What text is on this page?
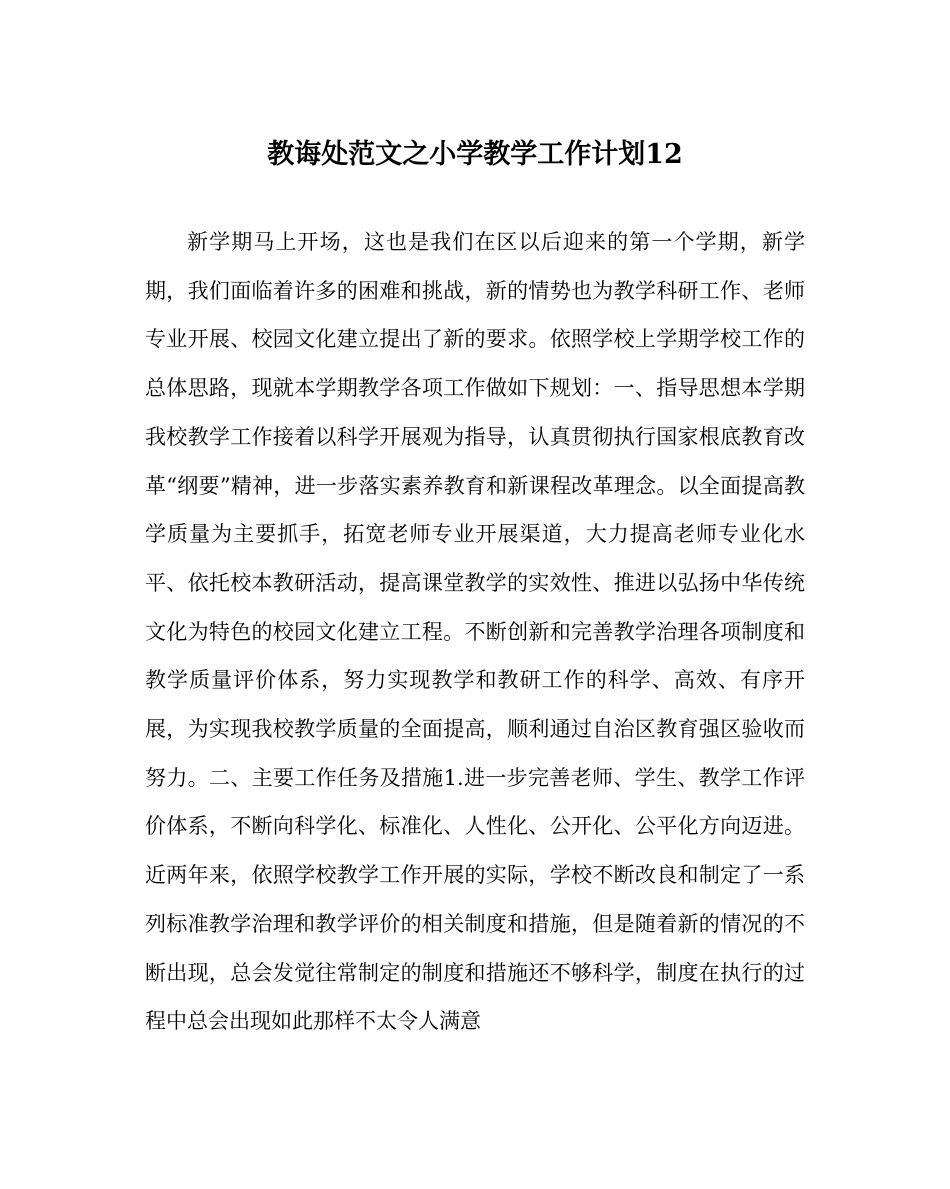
教诲处范文之小学教学工作计划12

新学期马上开场，这也是我们在区以后迎来的第一个学期，新学期，我们面临着许多的困难和挑战，新的情势也为教学科研工作、老师专业开展、校园文化建立提出了新的要求。依照学校上学期学校工作的总体思路，现就本学期教学各项工作做如下规划：一、指导思想本学期我校教学工作接着以科学开展观为指导，认真贯彻执行国家根底教育改革“纲要”精神，进一步落实素养教育和新课程改革理念。以全面提高教学质量为主要抓手，拓宽老师专业开展渠道，大力提高老师专业化水平、依托校本教研活动，提高课堂教学的实效性、推进以弘扬中华传统文化为特色的校园文化建立工程。不断创新和完善教学治理各项制度和教学质量评价体系，努力实现教学和教研工作的科学、高效、有序开展，为实现我校教学质量的全面提高，顺利通过自治区教育强区验收而努力。二、主要工作任务及措施1.进一步完善老师、学生、教学工作评价体系，不断向科学化、标准化、人性化、公开化、公平化方向迈进。近两年来，依照学校教学工作开展的实际，学校不断改良和制定了一系列标准教学治理和教学评价的相关制度和措施，但是随着新的情况的不断出现，总会发觉往常制定的制度和措施还不够科学，制度在执行的过程中总会出现如此那样不太令人满意
